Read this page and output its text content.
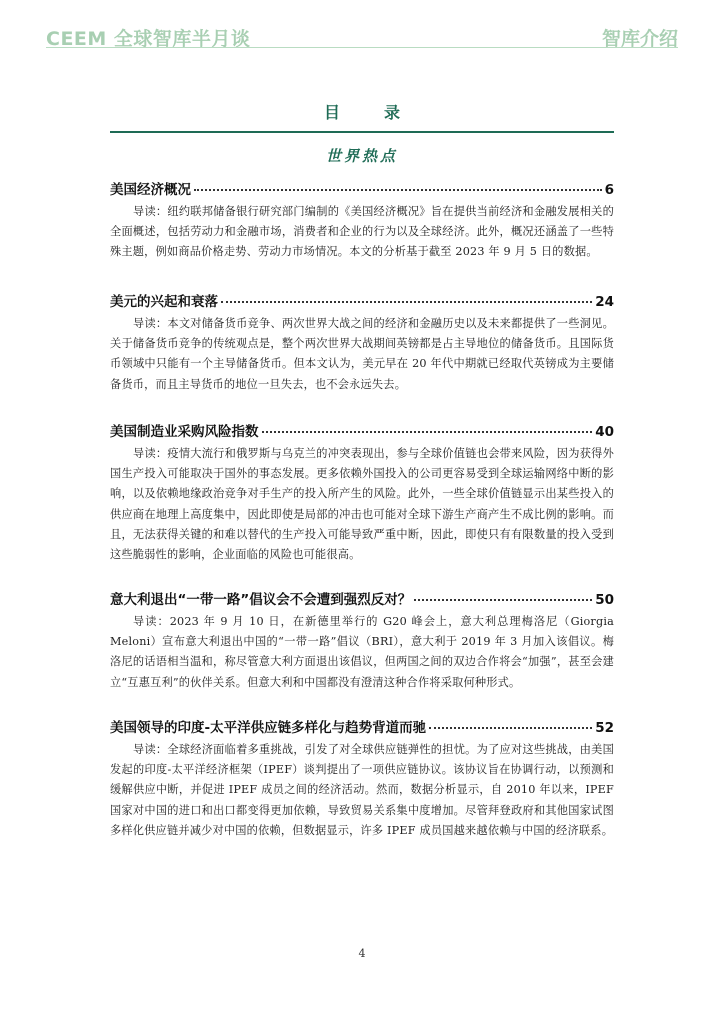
CEEM 全球智库半月谈	智库介绍
目录
世界热点
美国经济概况	6
导读：纽约联邦储备银行研究部门编制的《美国经济概况》旨在提供当前经济和金融发展相关的全面概述，包括劳动力和金融市场，消费者和企业的行为以及全球经济。此外，概况还涵盖了一些特殊主题，例如商品价格走势、劳动力市场情况。本文的分析基于截至 2023 年 9 月 5 日的数据。
美元的兴起和衰落	24
导读：本文对储备货币竞争、两次世界大战之间的经济和金融历史以及未来都提供了一些洞见。关于储备货币竞争的传统观点是，整个两次世界大战期间英镑都是占主导地位的储备货币。且国际货币领域中只能有一个主导储备货币。但本文认为，美元早在 20 年代中期就已经取代英镑成为主要储备货币，而且主导货币的地位一旦失去，也不会永远失去。
美国制造业采购风险指数	40
导读：疫情大流行和俄罗斯与乌克兰的冲突表现出，参与全球价值链也会带来风险，因为获得外国生产投入可能取决于国外的事态发展。更多依赖外国投入的公司更容易受到全球运输网络中断的影响，以及依赖地缘政治竞争对手生产的投入所产生的风险。此外，一些全球价值链显示出某些投入的供应商在地理上高度集中，因此即使是局部的冲击也可能对全球下游生产商产生不成比例的影响。而且，无法获得关键的和难以替代的生产投入可能导致严重中断，因此，即使只有有限数量的投入受到这些脆弱性的影响，企业面临的风险也可能很高。
意大利退出“一带一路”倡议会不会遭到强烈反对？	50
导读：2023 年 9 月 10 日，在新德里举行的 G20 峰会上，意大利总理梅洛尼（Giorgia Meloni）宣布意大利退出中国的“一带一路”倡议（BRI），意大利于 2019 年 3 月加入该倡议。梅洛尼的话语相当温和，称尽管意大利方面退出该倡议，但两国之间的双边合作将会“加强”，甚至会建立“互惠互利”的伙伴关系。但意大利和中国都没有澄清这种合作将采取何种形式。
美国领导的印度-太平洋供应链多样化与趋势背道而驰	52
导读：全球经济面临着多重挑战，引发了对全球供应链弹性的担忧。为了应对这些挑战，由美国发起的印度-太平洋经济框架（IPEF）谈判提出了一项供应链协议。该协议旨在协调行动，以预测和缓解供应中断，并促进 IPEF 成员之间的经济活动。然而，数据分析显示，自 2010 年以来，IPEF 国家对中国的进口和出口都变得更加依赖，导致贸易关系集中度增加。尽管拜登政府和其他国家试图多样化供应链并减少对中国的依赖，但数据显示，许多 IPEF 成员国越来越依赖与中国的经济联系。
4
